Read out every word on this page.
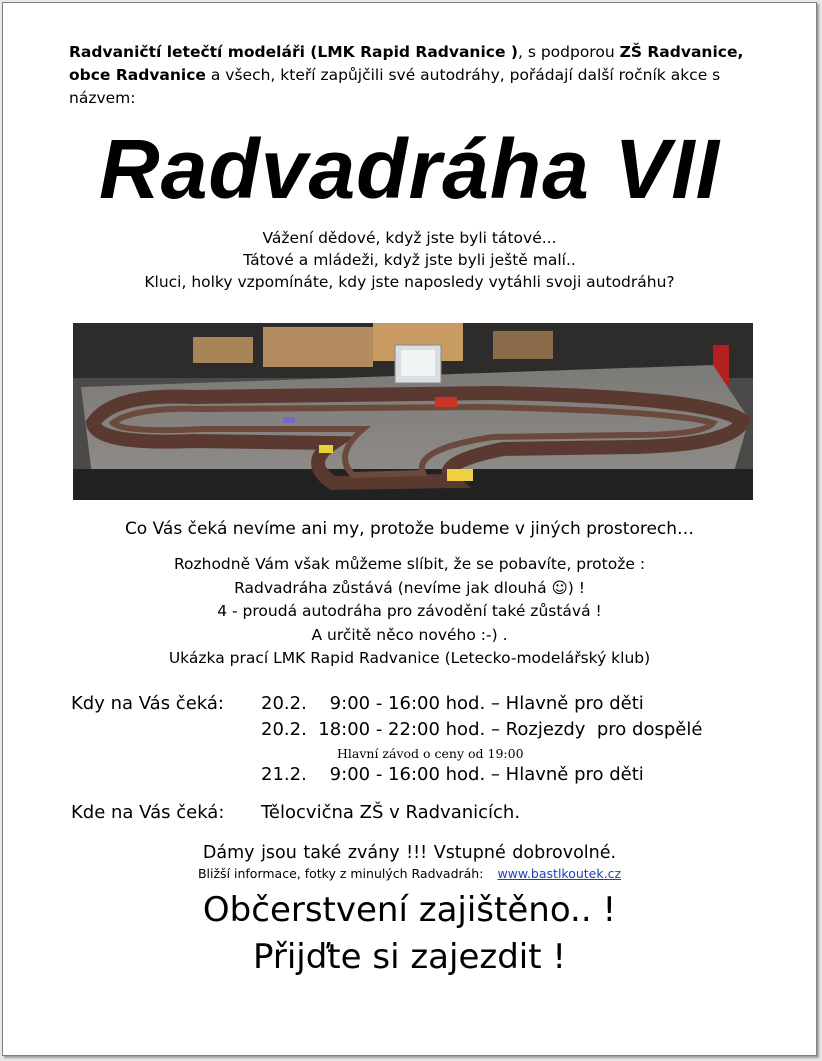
Radvaničtí letečtí modeláři (LMK Rapid Radvanice ), s podporou ZŠ Radvanice, obce Radvanice a všech, kteří zapůjčili své autodráhy, pořádají další ročník akce s názvem:
Radvadráha VII
Vážení dědové, když jste byli tátové...
Tátové a mládeži, když jste byli ještě malí..
Kluci, holky vzpomínáte, kdy jste naposledy vytáhli svoji autodráhu?
Co Vás čeká nevíme ani my, protože budeme v jiných prostorech…
Rozhodně Vám však můžeme slíbit, že se pobavíte, protože :
Radvadráha zůstává (nevíme jak dlouhá ☺) !
4 - proudá autodráha pro závodění také zůstává !
A určitě něco nového :-) .
Ukázka prací LMK Rapid Radvanice (Letecko-modelářský klub)
Kdy na Vás čeká: 20.2.    9:00 - 16:00 hod. – Hlavně pro děti
20.2.  18:00 - 22:00 hod. – Rozjezdy  pro dospělé
Hlavní závod o ceny od 19:00
21.2.    9:00 - 16:00 hod. – Hlavně pro děti
Kde na Vás čeká: Tělocvična ZŠ v Radvanicích.
Dámy jsou také zvány !!! Vstupné dobrovolné.
Bližší informace, fotky z minulých Radvadráh: www.bastlkoutek.cz
Občerstvení zajištěno.. !
Přijďte si zajezdit !
